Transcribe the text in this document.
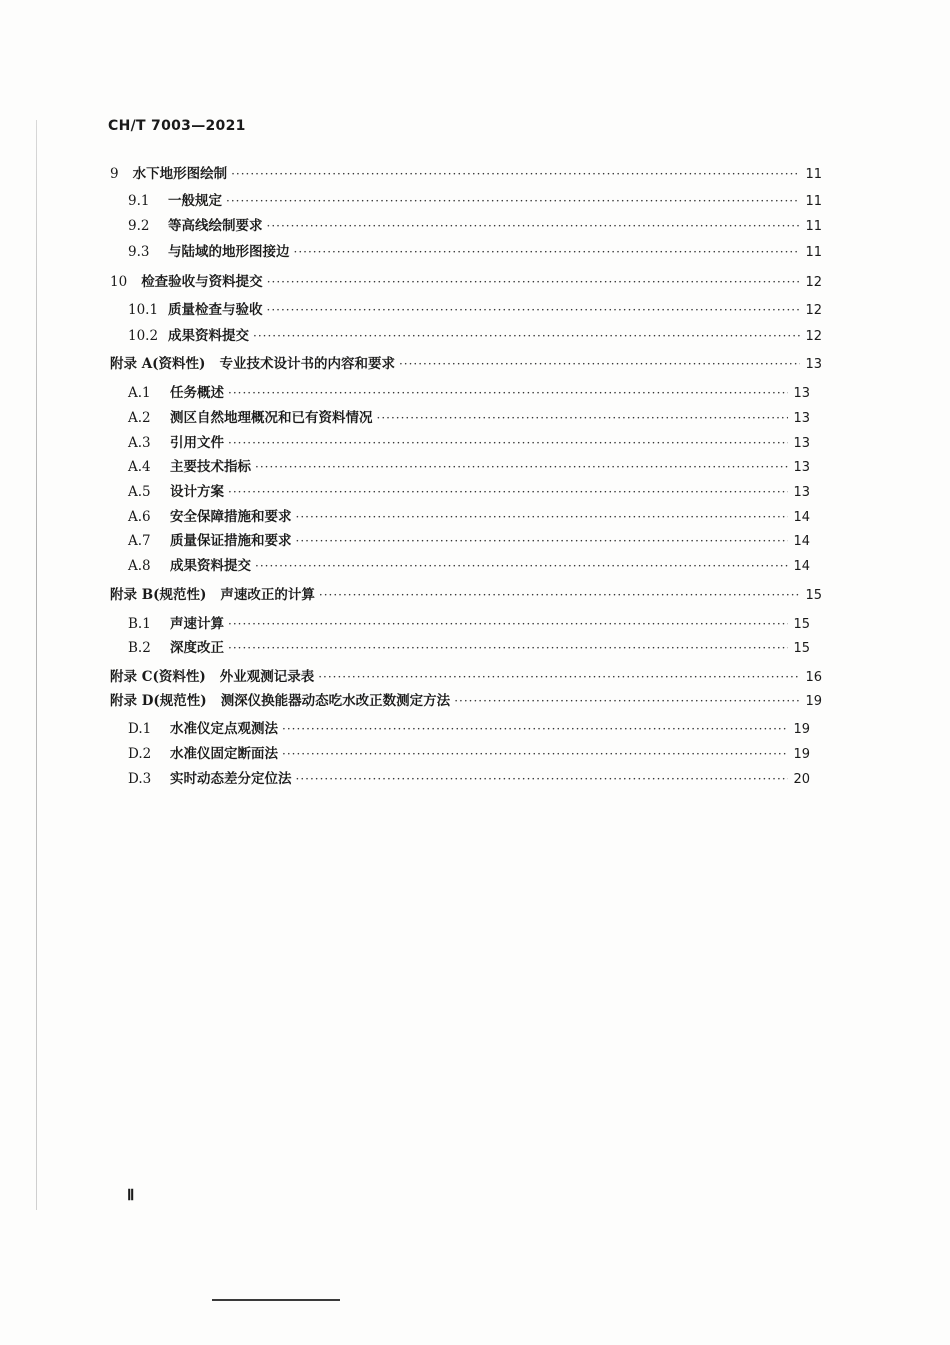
CH/T 7003—2021
9 水下地形图绘制 ·····	11
9.1	一般规定 ·····	11
9.2	等高线绘制要求 ·····	11
9.3	与陆域的地形图接边 ·····	11
10 检查验收与资料提交 ·····	12
10.1 质量检查与验收 ·····	12
10.2 成果资料提交 ·····	12
附录 A(资料性) 专业技术设计书的内容和要求 ·····	13
A.1	任务概述 ·····	13
A.2	测区自然地理概况和已有资料情况 ·····	13
A.3	引用文件 ·····	13
A.4	主要技术指标 ·····	13
A.5	设计方案 ·····	13
A.6	安全保障措施和要求 ·····	14
A.7	质量保证措施和要求 ·····	14
A.8	成果资料提交 ·····	14
附录 B(规范性) 声速改正的计算 ·····	15
B.1	声速计算 ·····	15
B.2	深度改正 ·····	15
附录 C(资料性) 外业观测记录表 ·····	16
附录 D(规范性) 测深仪换能器动态吃水改正数测定方法 ·····	19
D.1	水准仪定点观测法 ·····	19
D.2	水准仪固定断面法 ·····	19
D.3	实时动态差分定位法 ·····	20
Ⅱ
